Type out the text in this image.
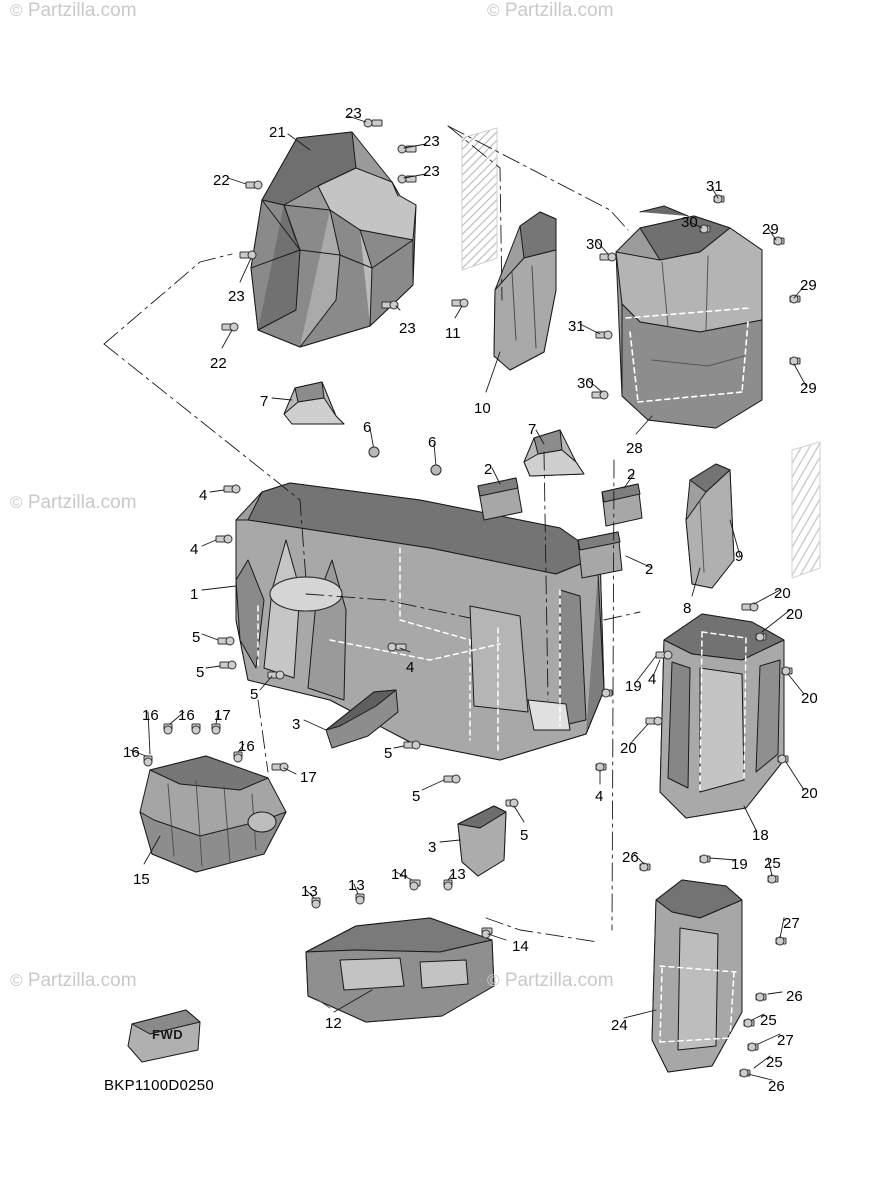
© Partzilla.com
© Partzilla.com	© Partzilla.com
© Partzilla.com
© Partzilla.com
FWD
BKP1100D0250
21
23
23
23
22
23
22
23 11
10
30
31
30
28
31
30	29
29
29
7
6
6
2
7
2
2
9
8
4
4
1
5
5
5
4
3
5
5
5
3
4
19 4
20
20
20
20
20
18
19
26	25
27
26
25
27
25
26
24
16 16 17
16	16
17
15
13 13
14	13
14
12
